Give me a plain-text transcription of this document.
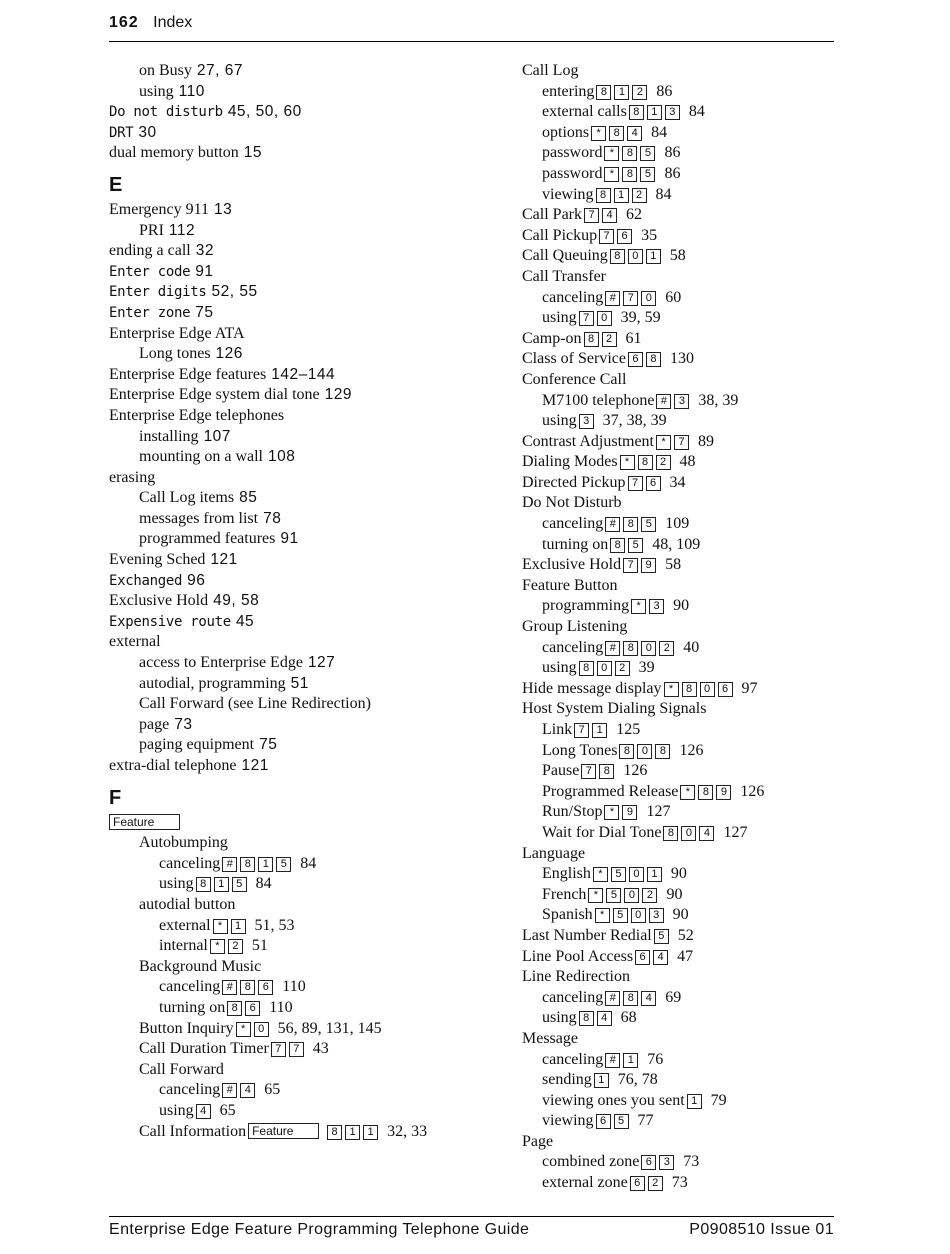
162 Index
on Busy 27, 67
using 110
Do not disturb 45, 50, 60
DRT 30
dual memory button 15
E
Emergency 911 13
PRI 112
ending a call 32
Enter code 91
Enter digits 52, 55
Enter zone 75
Enterprise Edge ATA
Long tones 126
Enterprise Edge features 142–144
Enterprise Edge system dial tone 129
Enterprise Edge telephones
installing 107
mounting on a wall 108
erasing
Call Log items 85
messages from list 78
programmed features 91
Evening Sched 121
Exchanged 96
Exclusive Hold 49, 58
Expensive route 45
external
access to Enterprise Edge 127
autodial, programming 51
Call Forward (see Line Redirection)
page 73
paging equipment 75
extra-dial telephone 121
F
Feature
Autobumping
canceling # 8 1 5 84
using 8 1 5 84
autodial button
external * 1 51, 53
internal * 2 51
Background Music
canceling # 8 6 110
turning on 8 6 110
Button Inquiry * 0 56, 89, 131, 145
Call Duration Timer 7 7 43
Call Forward
canceling # 4 65
using 4 65
Call Information Feature	8 1 1 32, 33
Call Log
entering 8 1 2 86
external calls 8 1 3 84
options * 8 4 84
password * 8 5 86
password * 8 5 86
viewing 8 1 2 84
Call Park 7 4 62
Call Pickup 7 6 35
Call Queuing 8 0 1 58
Call Transfer
canceling # 7 0 60
using 7 0 39, 59
Camp-on 8 2 61
Class of Service 6 8 130
Conference Call
M7100 telephone # 3 38, 39
using 3 37, 38, 39
Contrast Adjustment * 7 89
Dialing Modes * 8 2 48
Directed Pickup 7 6 34
Do Not Disturb
canceling # 8 5 109
turning on 8 5 48, 109
Exclusive Hold 7 9 58
Feature Button
programming * 3 90
Group Listening
canceling # 8 0 2 40
using 8 0 2 39
Hide message display * 8 0 6 97
Host System Dialing Signals
Link 7 1 125
Long Tones 8 0 8 126
Pause 7 8 126
Programmed Release * 8 9 126
Run/Stop * 9 127
Wait for Dial Tone 8 0 4 127
Language
English * 5 0 1 90
French * 5 0 2 90
Spanish * 5 0 3 90
Last Number Redial 5 52
Line Pool Access 6 4 47
Line Redirection
canceling # 8 4 69
using 8 4 68
Message
canceling # 1 76
sending 1 76, 78
viewing ones you sent 1 79
viewing 6 5 77
Page
combined zone 6 3 73
external zone 6 2 73
Enterprise Edge Feature Programming Telephone Guide	P0908510 Issue 01
